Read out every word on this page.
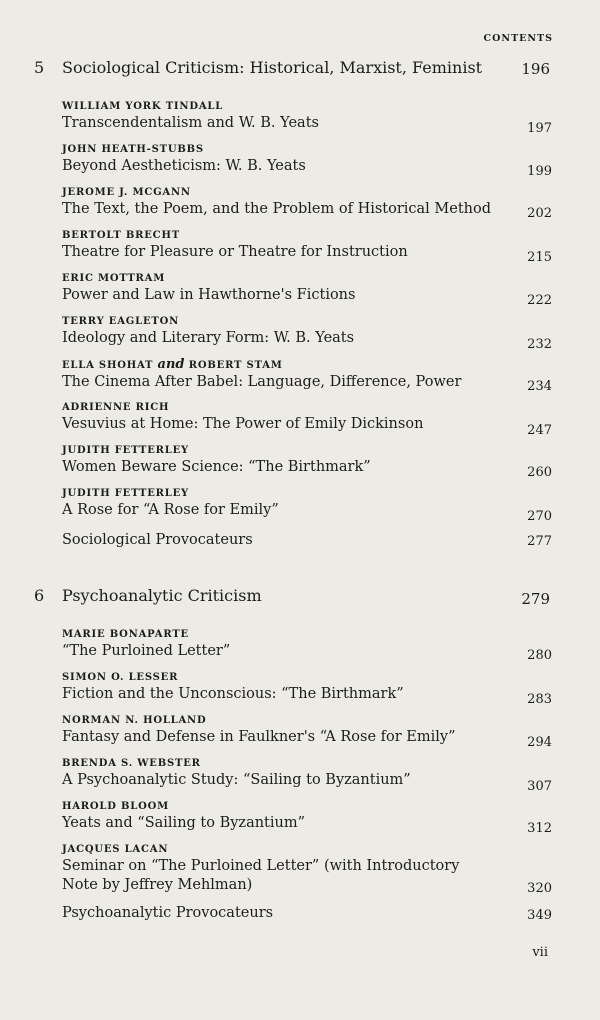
CONTENTS
5 Sociological Criticism: Historical, Marxist, Feminist	196
WILLIAM YORK TINDALL
Transcendentalism and W. B. Yeats	197
JOHN HEATH-STUBBS
Beyond Aestheticism: W. B. Yeats	199
JEROME J. MCGANN
The Text, the Poem, and the Problem of Historical Method	202
BERTOLT BRECHT
Theatre for Pleasure or Theatre for Instruction	215
ERIC MOTTRAM
Power and Law in Hawthorne's Fictions	222
TERRY EAGLETON
Ideology and Literary Form: W. B. Yeats	232
ELLA SHOHAT and ROBERT STAM
The Cinema After Babel: Language, Difference, Power	234
ADRIENNE RICH
Vesuvius at Home: The Power of Emily Dickinson	247
JUDITH FETTERLEY
Women Beware Science: “The Birthmark”	260
JUDITH FETTERLEY
A Rose for “A Rose for Emily”	270
Sociological Provocateurs	277
6 Psychoanalytic Criticism	279
MARIE BONAPARTE
“The Purloined Letter”	280
SIMON O. LESSER
Fiction and the Unconscious: “The Birthmark”	283
NORMAN N. HOLLAND
Fantasy and Defense in Faulkner's “A Rose for Emily”	294
BRENDA S. WEBSTER
A Psychoanalytic Study: “Sailing to Byzantium”	307
HAROLD BLOOM
Yeats and “Sailing to Byzantium”	312
JACQUES LACAN
Seminar on “The Purloined Letter” (with Introductory Note by Jeffrey Mehlman)	320
Psychoanalytic Provocateurs	349
vii
